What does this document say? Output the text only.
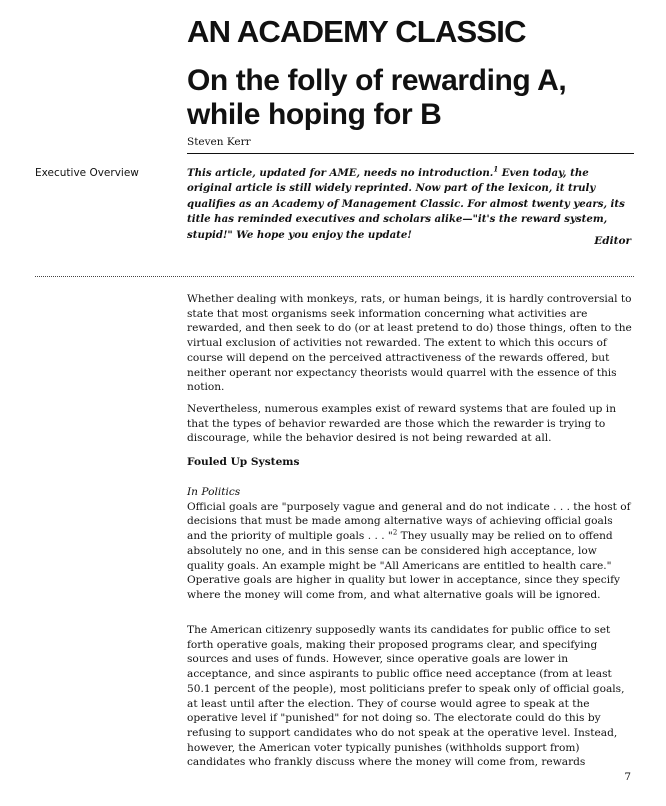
AN ACADEMY CLASSIC
On the folly of rewarding A, while hoping for B
Steven Kerr
Executive Overview	This article, updated for AME, needs no introduction.$^1$ Even today, the original article is still widely reprinted. Now part of the lexicon, it truly qualifies as an Academy of Management Classic. For almost twenty years, its title has reminded executives and scholars alike—"it's the reward system, stupid!" We hope you enjoy the update!

Editor

Whether dealing with monkeys, rats, or human beings, it is hardly controversial to state that most organisms seek information concerning what activities are rewarded, and then seek to do (or at least pretend to do) those things, often to the virtual exclusion of activities not rewarded. The extent to which this occurs of course will depend on the perceived attractiveness of the rewards offered, but neither operant nor expectancy theorists would quarrel with the essence of this notion.

Nevertheless, numerous examples exist of reward systems that are fouled up in that the types of behavior rewarded are those which the rewarder is trying to discourage, while the behavior desired is not being rewarded at all.

Fouled Up Systems

In Politics
Official goals are "purposely vague and general and do not indicate . . . the host of decisions that must be made among alternative ways of achieving official goals and the priority of multiple goals . . . "$^2$ They usually may be relied on to offend absolutely no one, and in this sense can be considered high acceptance, low quality goals. An example might be "All Americans are entitled to health care." Operative goals are higher in quality but lower in acceptance, since they specify where the money will come from, and what alternative goals will be ignored.

The American citizenry supposedly wants its candidates for public office to set forth operative goals, making their proposed programs clear, and specifying sources and uses of funds. However, since operative goals are lower in acceptance, and since aspirants to public office need acceptance (from at least 50.1 percent of the people), most politicians prefer to speak only of official goals, at least until after the election. They of course would agree to speak at the operative level if "punished" for not doing so. The electorate could do this by refusing to support candidates who do not speak at the operative level. Instead, however, the American voter typically punishes (withholds support from) candidates who frankly discuss where the money will come from, rewards

7
